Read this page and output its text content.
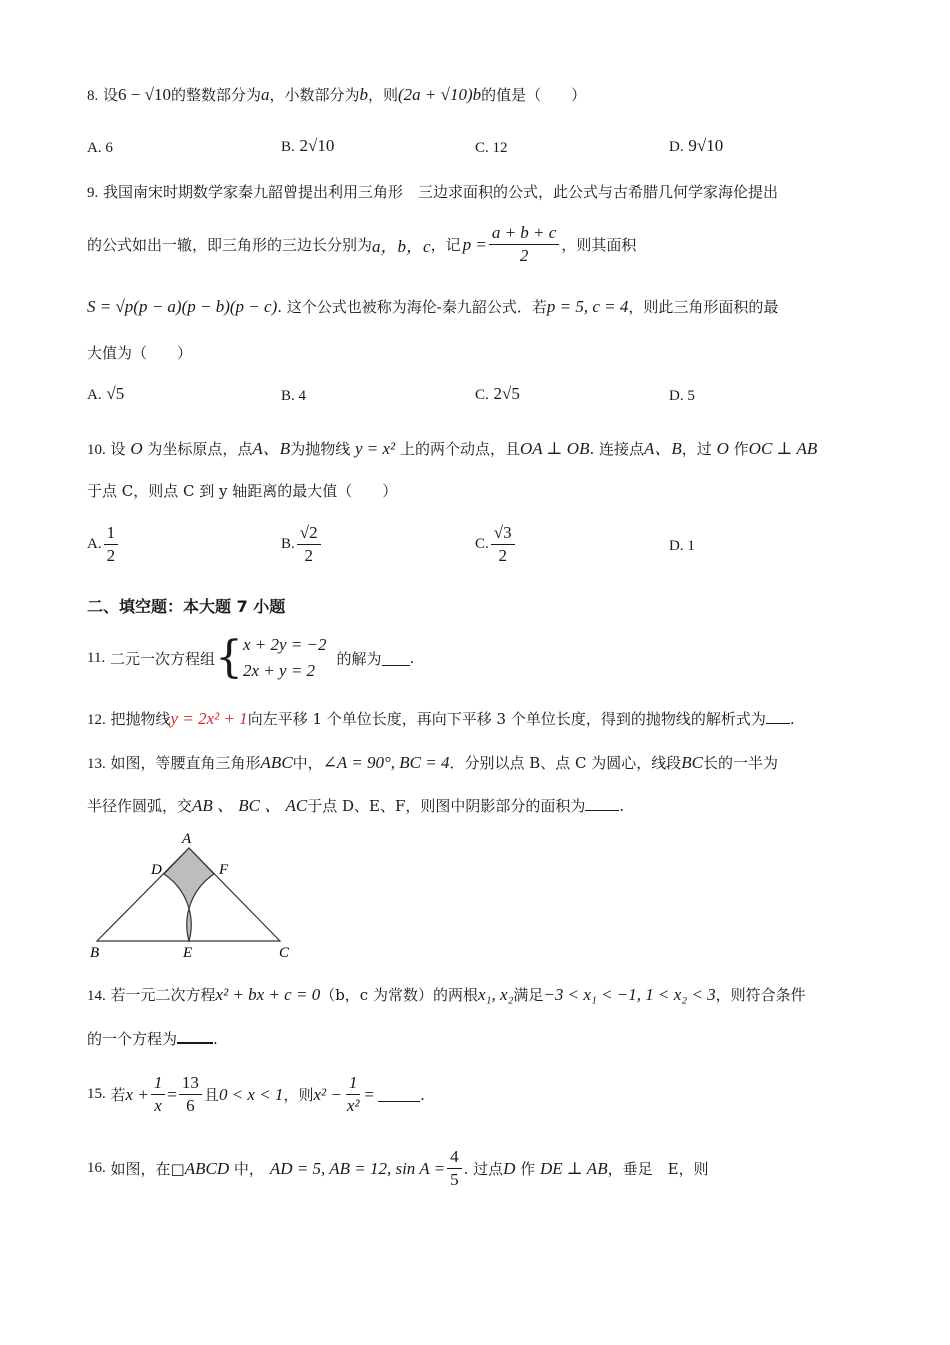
8. 设6 − √10的整数部分为a，小数部分为b，则(2a + √10)b的值是（　　）
A. 6	B. 2√10	C. 12	D. 9√10
9. 我国南宋时期数学家秦九韶曾提出利用三角形　三边求面积的公式，此公式与古希腊几何学家海伦提出
的公式如出一辙，即三角形的三边长分别为 a，b，c ，记 $p = \frac{a + b + c}{2}$ ，则其面积
S = √p(p − a)(p − b)(p − c). 这个公式也被称为海伦-秦九韶公式．若p = 5, c = 4，则此三角形面积的最
大值为（　　）
A. √5	B. 4	C. 2√5	D. 5
10. 设 O 为坐标原点，点A、B为抛物线 y = x² 上的两个动点，且OA ⊥ OB. 连接点A、B，过 O 作OC ⊥ AB
于点 C，则点 C 到 y 轴距离的最大值（　　）
A. $\frac{1}{2}$	B. $\frac{√2}{2}$	C. $\frac{√3}{2}$	D. 1
二、填空题：本大题 7 小题
11.
二元一次方程组 { x + 2y = −2
2x + y = 2
的解为 .
12. 把抛物线y = 2x² + 1向左平移 1 个单位长度，再向下平移 3 个单位长度，得到的抛物线的解析式为 .
13. 如图，等腰直角三角形ABC中，∠A = 90°, BC = 4．分别以点 B、点 C 为圆心，线段BC长的一半为
半径作圆弧，交AB 、 BC 、 AC于点 D、E、F，则图中阴影部分的面积为 .
A
D	F
B	E	C
14. 若一元二次方程x² + bx + c = 0（b，c 为常数）的两根x₁, x₂满足−3 < x₁ < −1, 1 < x₂ < 3，则符合条件
的一个方程为 .
15.
若 $x + \frac{1}{x} = \frac{13}{6}$ 且 0 < x < 1 ，则 $x^2 - \frac{1}{\text{x²}}$ =	.
16.
如图，在□ ABCD
中， AD = 5, AB = 12, $\sin A = \frac{4}{5}$ . 过点 D
作
DE ⊥ AB ，垂足　E，则
